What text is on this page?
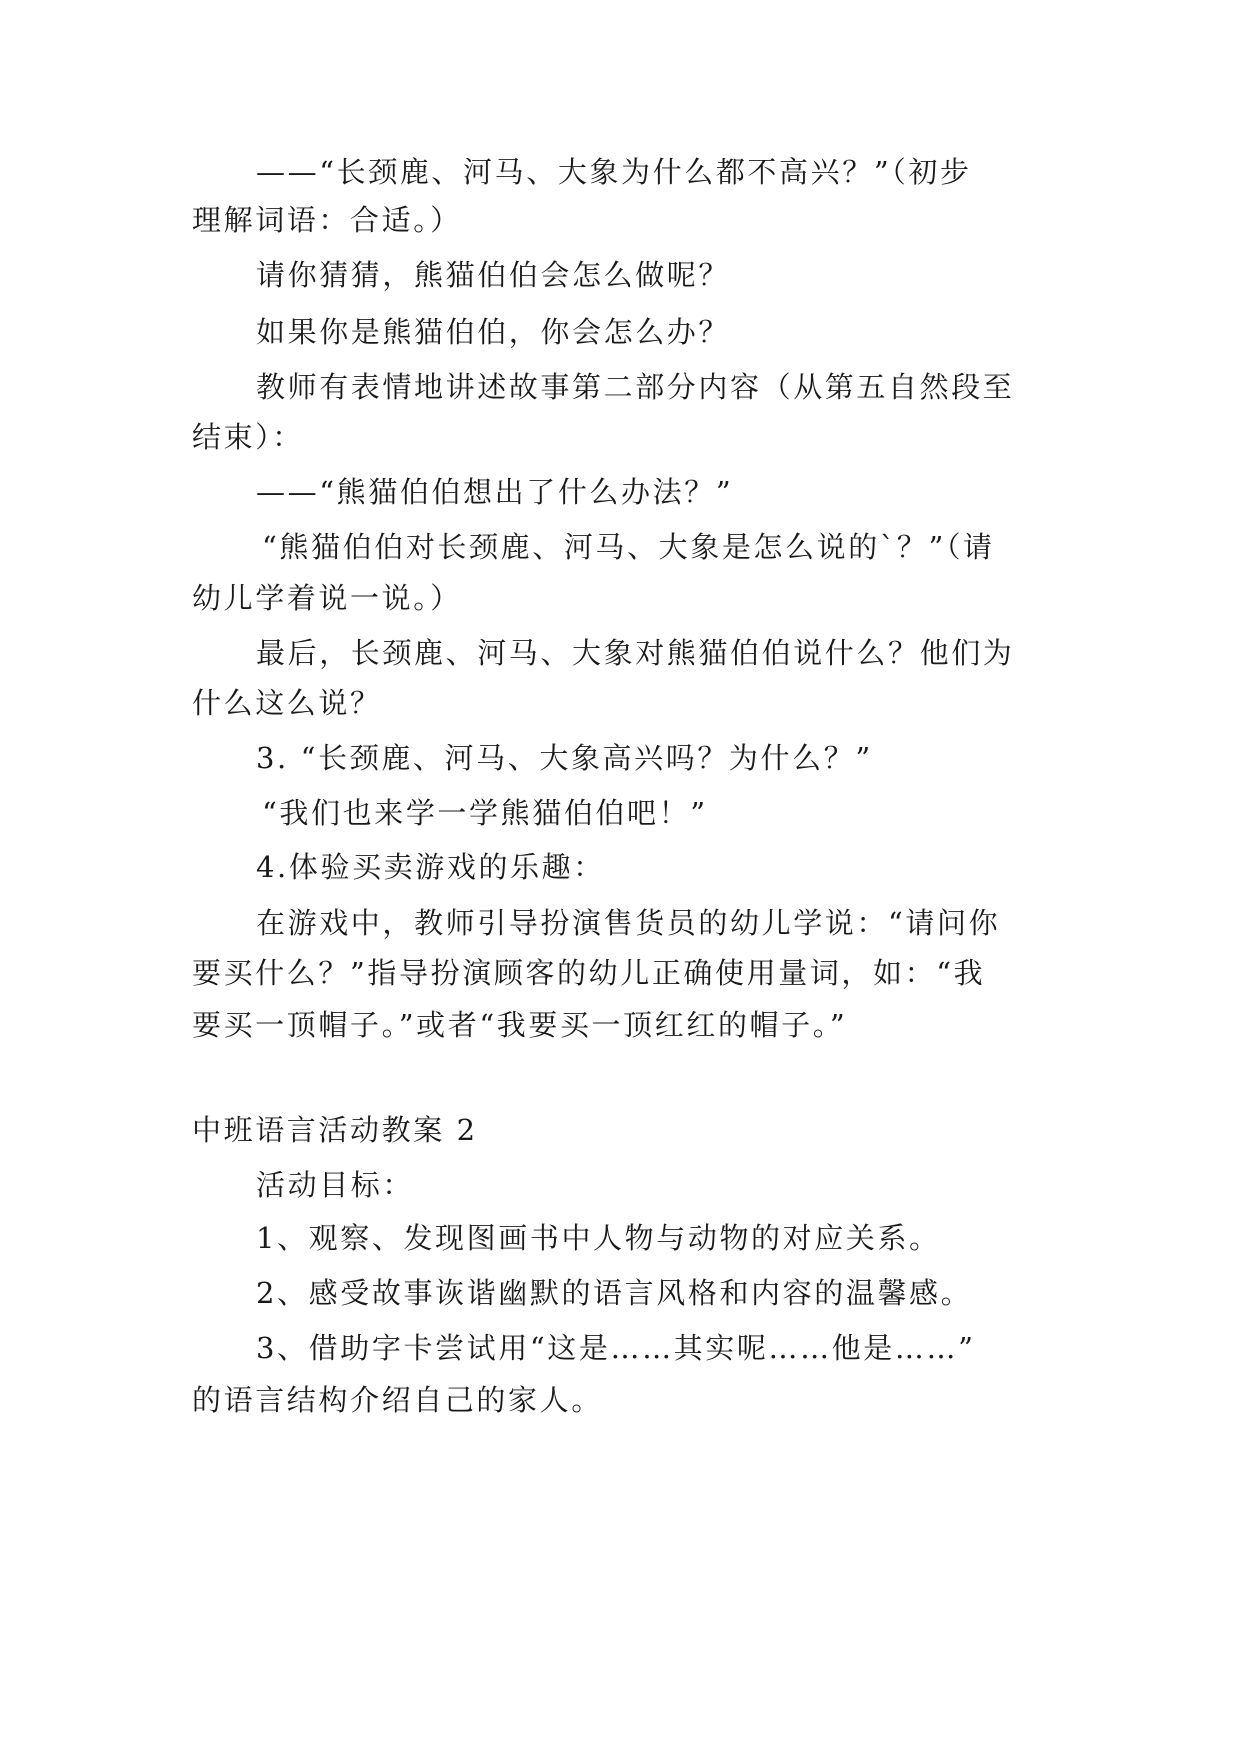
——“长颈鹿、河马、大象为什么都不高兴？”（初步
理解词语：合适。）
请你猜猜，熊猫伯伯会怎么做呢？
如果你是熊猫伯伯，你会怎么办？
教师有表情地讲述故事第二部分内容（从第五自然段至
结束）：
——“熊猫伯伯想出了什么办法？”
“熊猫伯伯对长颈鹿、河马、大象是怎么说的`？”（请
幼儿学着说一说。）
最后，长颈鹿、河马、大象对熊猫伯伯说什么？他们为
什么这么说？
3. “长颈鹿、河马、大象高兴吗？为什么？”
“我们也来学一学熊猫伯伯吧！”
4.体验买卖游戏的乐趣：
在游戏中，教师引导扮演售货员的幼儿学说：“请问你
要买什么？”指导扮演顾客的幼儿正确使用量词，如：“我
要买一顶帽子。”或者“我要买一顶红红的帽子。”
中班语言活动教案 2
活动目标：
1、观察、发现图画书中人物与动物的对应关系。
2、感受故事诙谐幽默的语言风格和内容的温馨感。
3、借助字卡尝试用“这是……其实呢……他是……”
的语言结构介绍自己的家人。
